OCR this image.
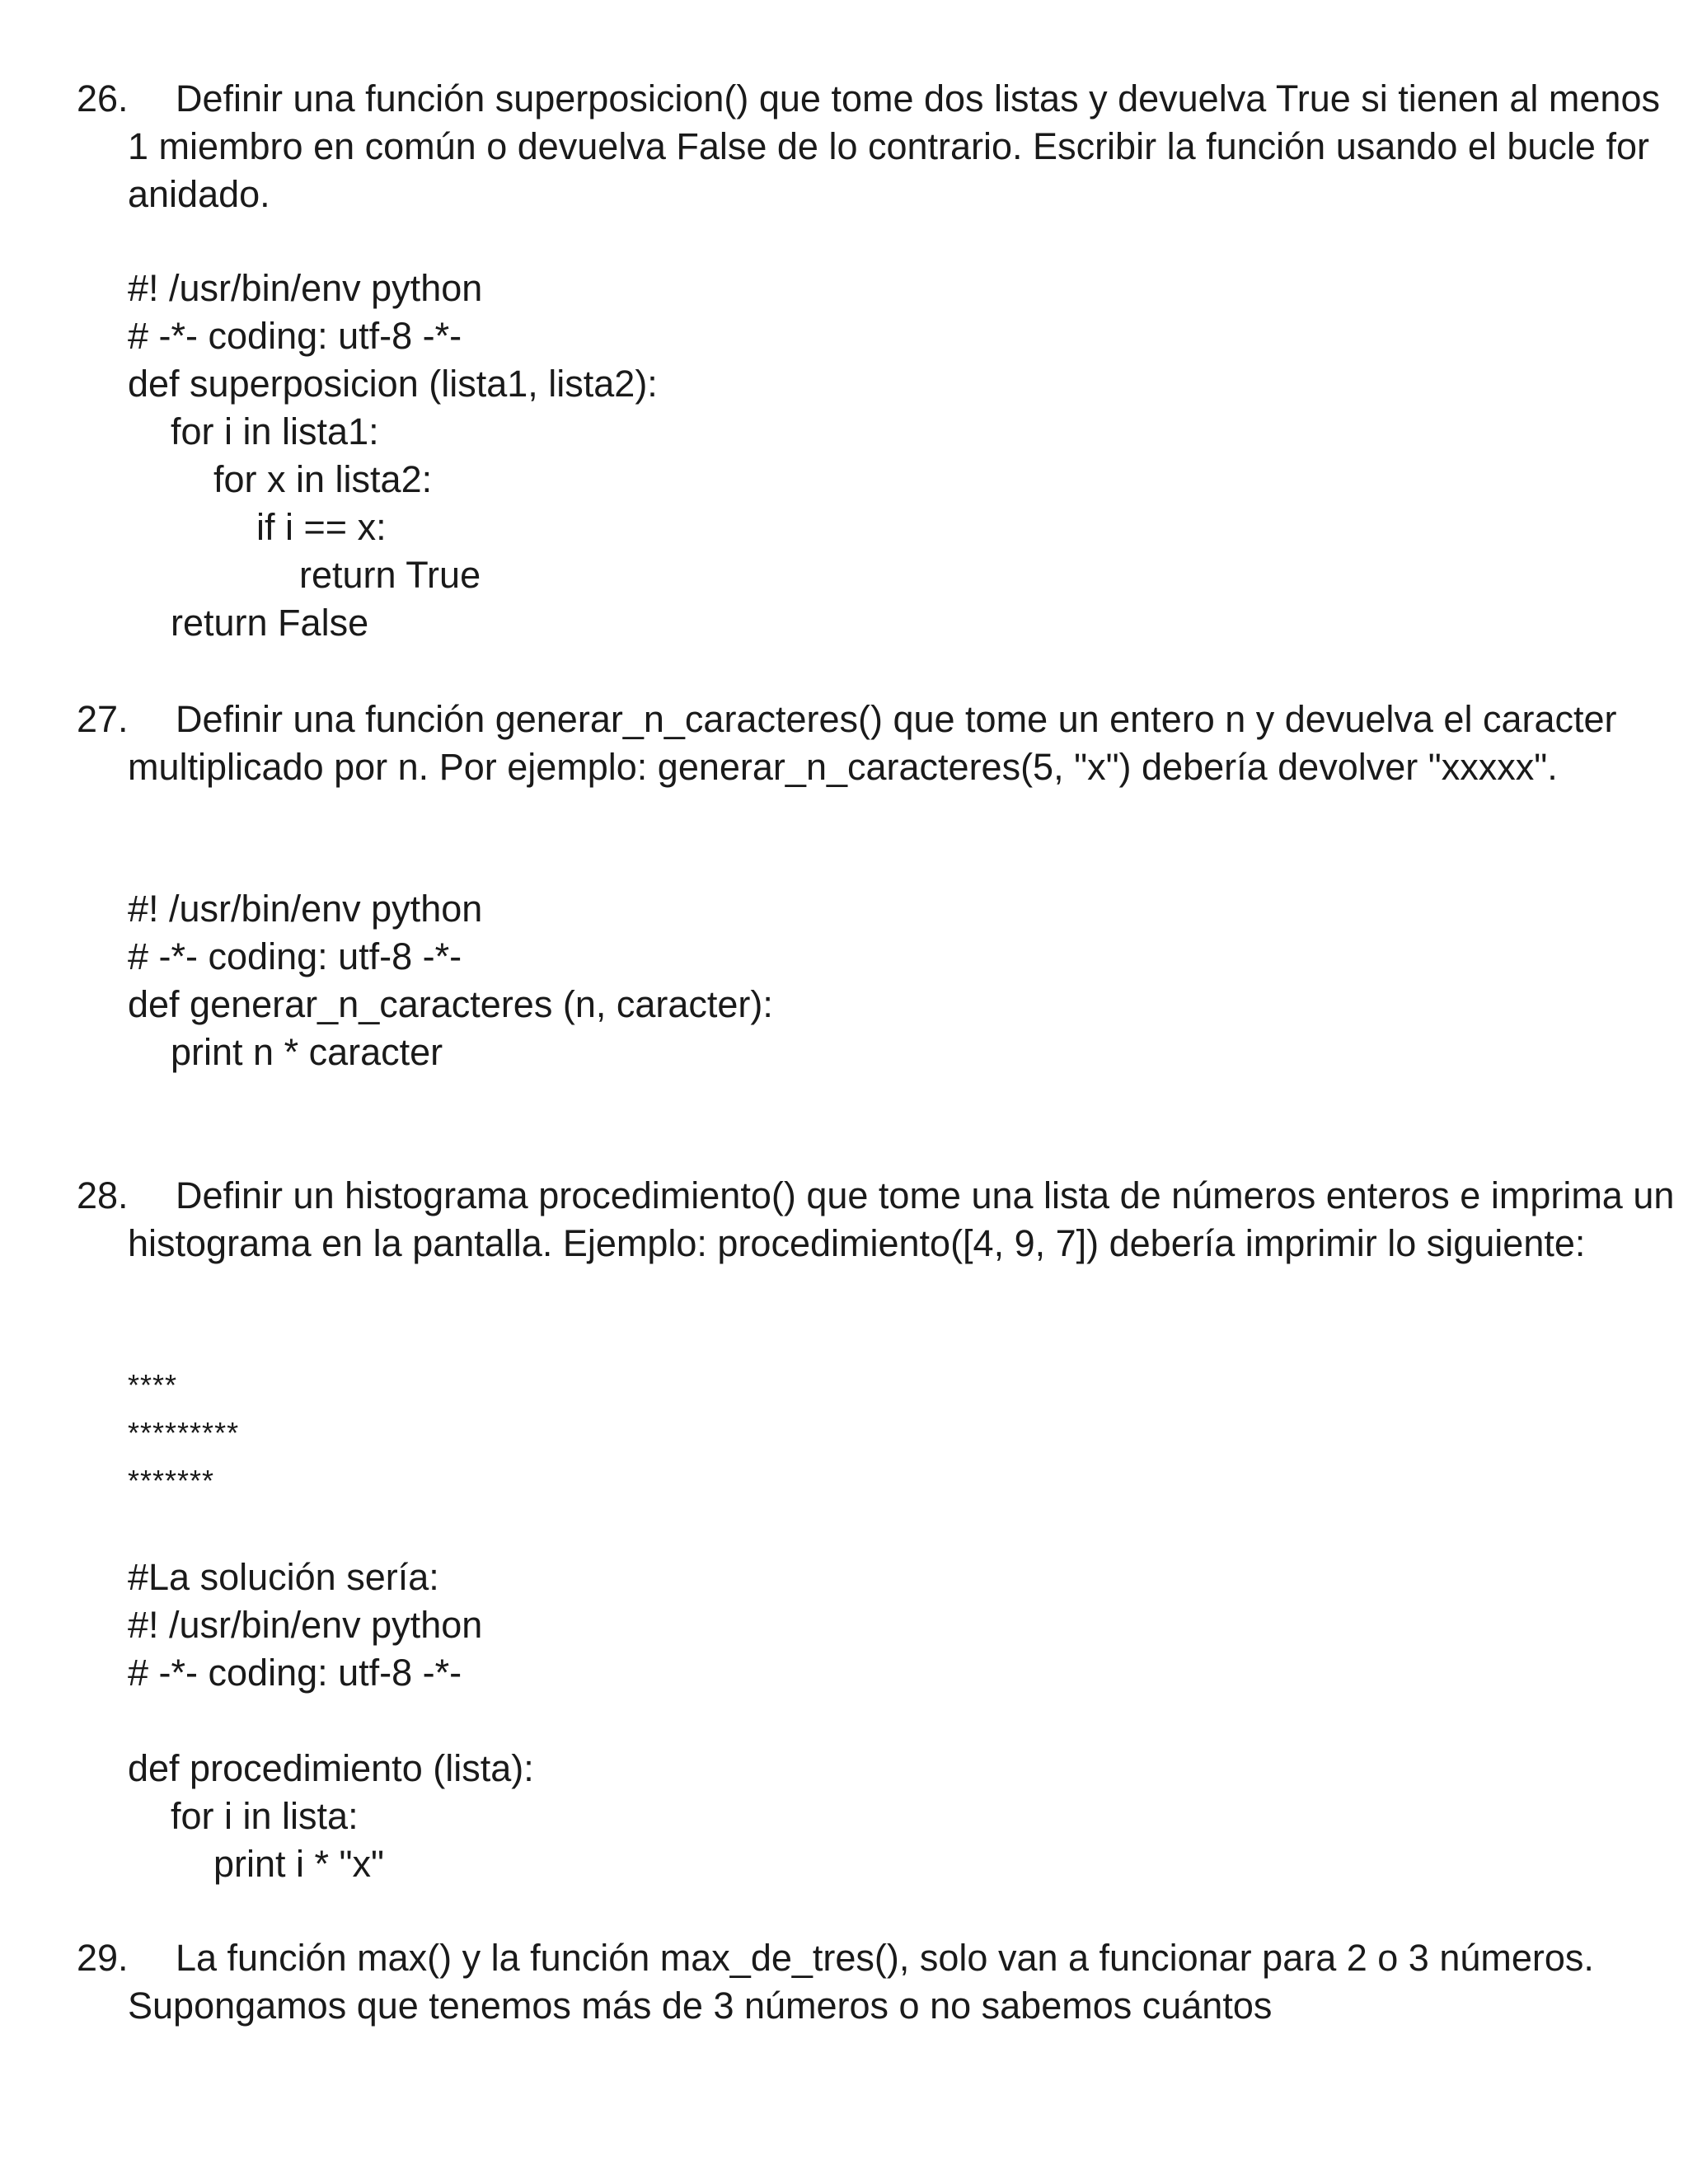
26. Definir una función superposicion() que tome dos listas y devuelva True si tienen al menos 1 miembro en común o devuelva False de lo contrario. Escribir la función usando el bucle for anidado.
#! /usr/bin/env python
# -*- coding: utf-8 -*-
def superposicion (lista1, lista2):
for i in lista1:
for x in lista2:
if i == x:
return True
return False
27. Definir una función generar_n_caracteres() que tome un entero n y devuelva el caracter multiplicado por n. Por ejemplo: generar_n_caracteres(5, "x") debería devolver "xxxxx".
#! /usr/bin/env python
# -*- coding: utf-8 -*-
def generar_n_caracteres (n, caracter):
print n * caracter
28. Definir un histograma procedimiento() que tome una lista de números enteros e imprima un histograma en la pantalla. Ejemplo: procedimiento([4, 9, 7]) debería imprimir lo siguiente:
****
*********
*******
#La solución sería:
#! /usr/bin/env python
# -*- coding: utf-8 -*-
def procedimiento (lista):
for i in lista:
print i * "x"
29. La función max() y la función max_de_tres(), solo van a funcionar para 2 o 3 números. Supongamos que tenemos más de 3 números o no sabemos cuántos
